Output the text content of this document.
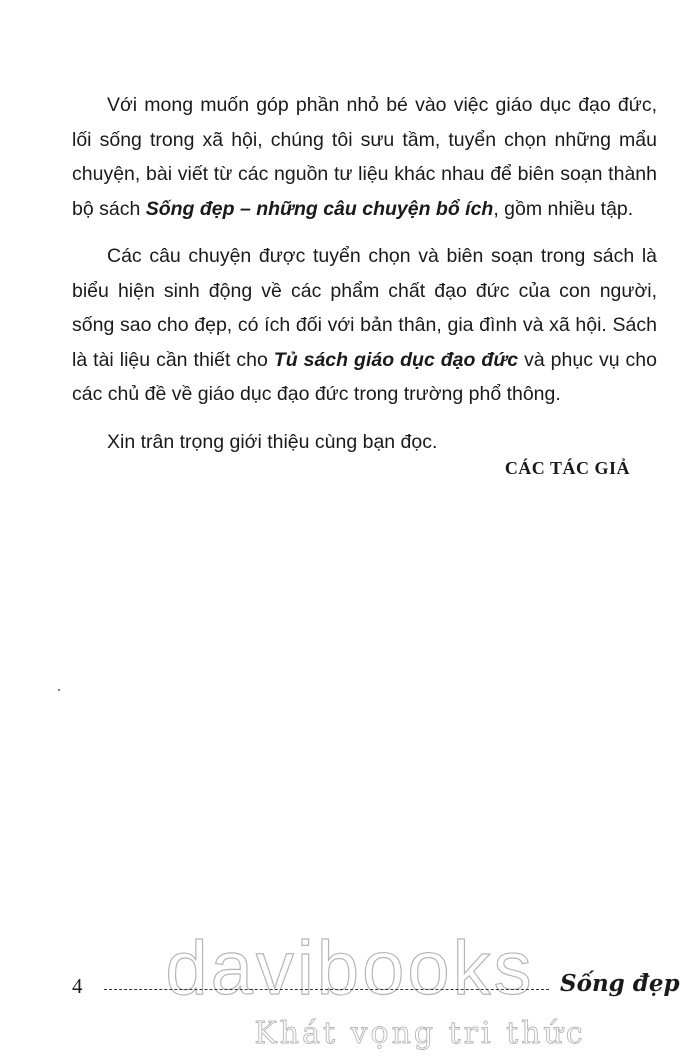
Với mong muốn góp phần nhỏ bé vào việc giáo dục đạo đức, lối sống trong xã hội, chúng tôi sưu tầm, tuyển chọn những mẩu chuyện, bài viết từ các nguồn tư liệu khác nhau để biên soạn thành bộ sách Sống đẹp – những câu chuyện bổ ích, gồm nhiều tập.

Các câu chuyện được tuyển chọn và biên soạn trong sách là biểu hiện sinh động về các phẩm chất đạo đức của con người, sống sao cho đẹp, có ích đối với bản thân, gia đình và xã hội. Sách là tài liệu cần thiết cho Tủ sách giáo dục đạo đức và phục vụ cho các chủ đề về giáo dục đạo đức trong trường phổ thông.

Xin trân trọng giới thiệu cùng bạn đọc.

CÁC TÁC GIẢ
davibooks
4	Sống đẹp
Khát vọng tri thức
